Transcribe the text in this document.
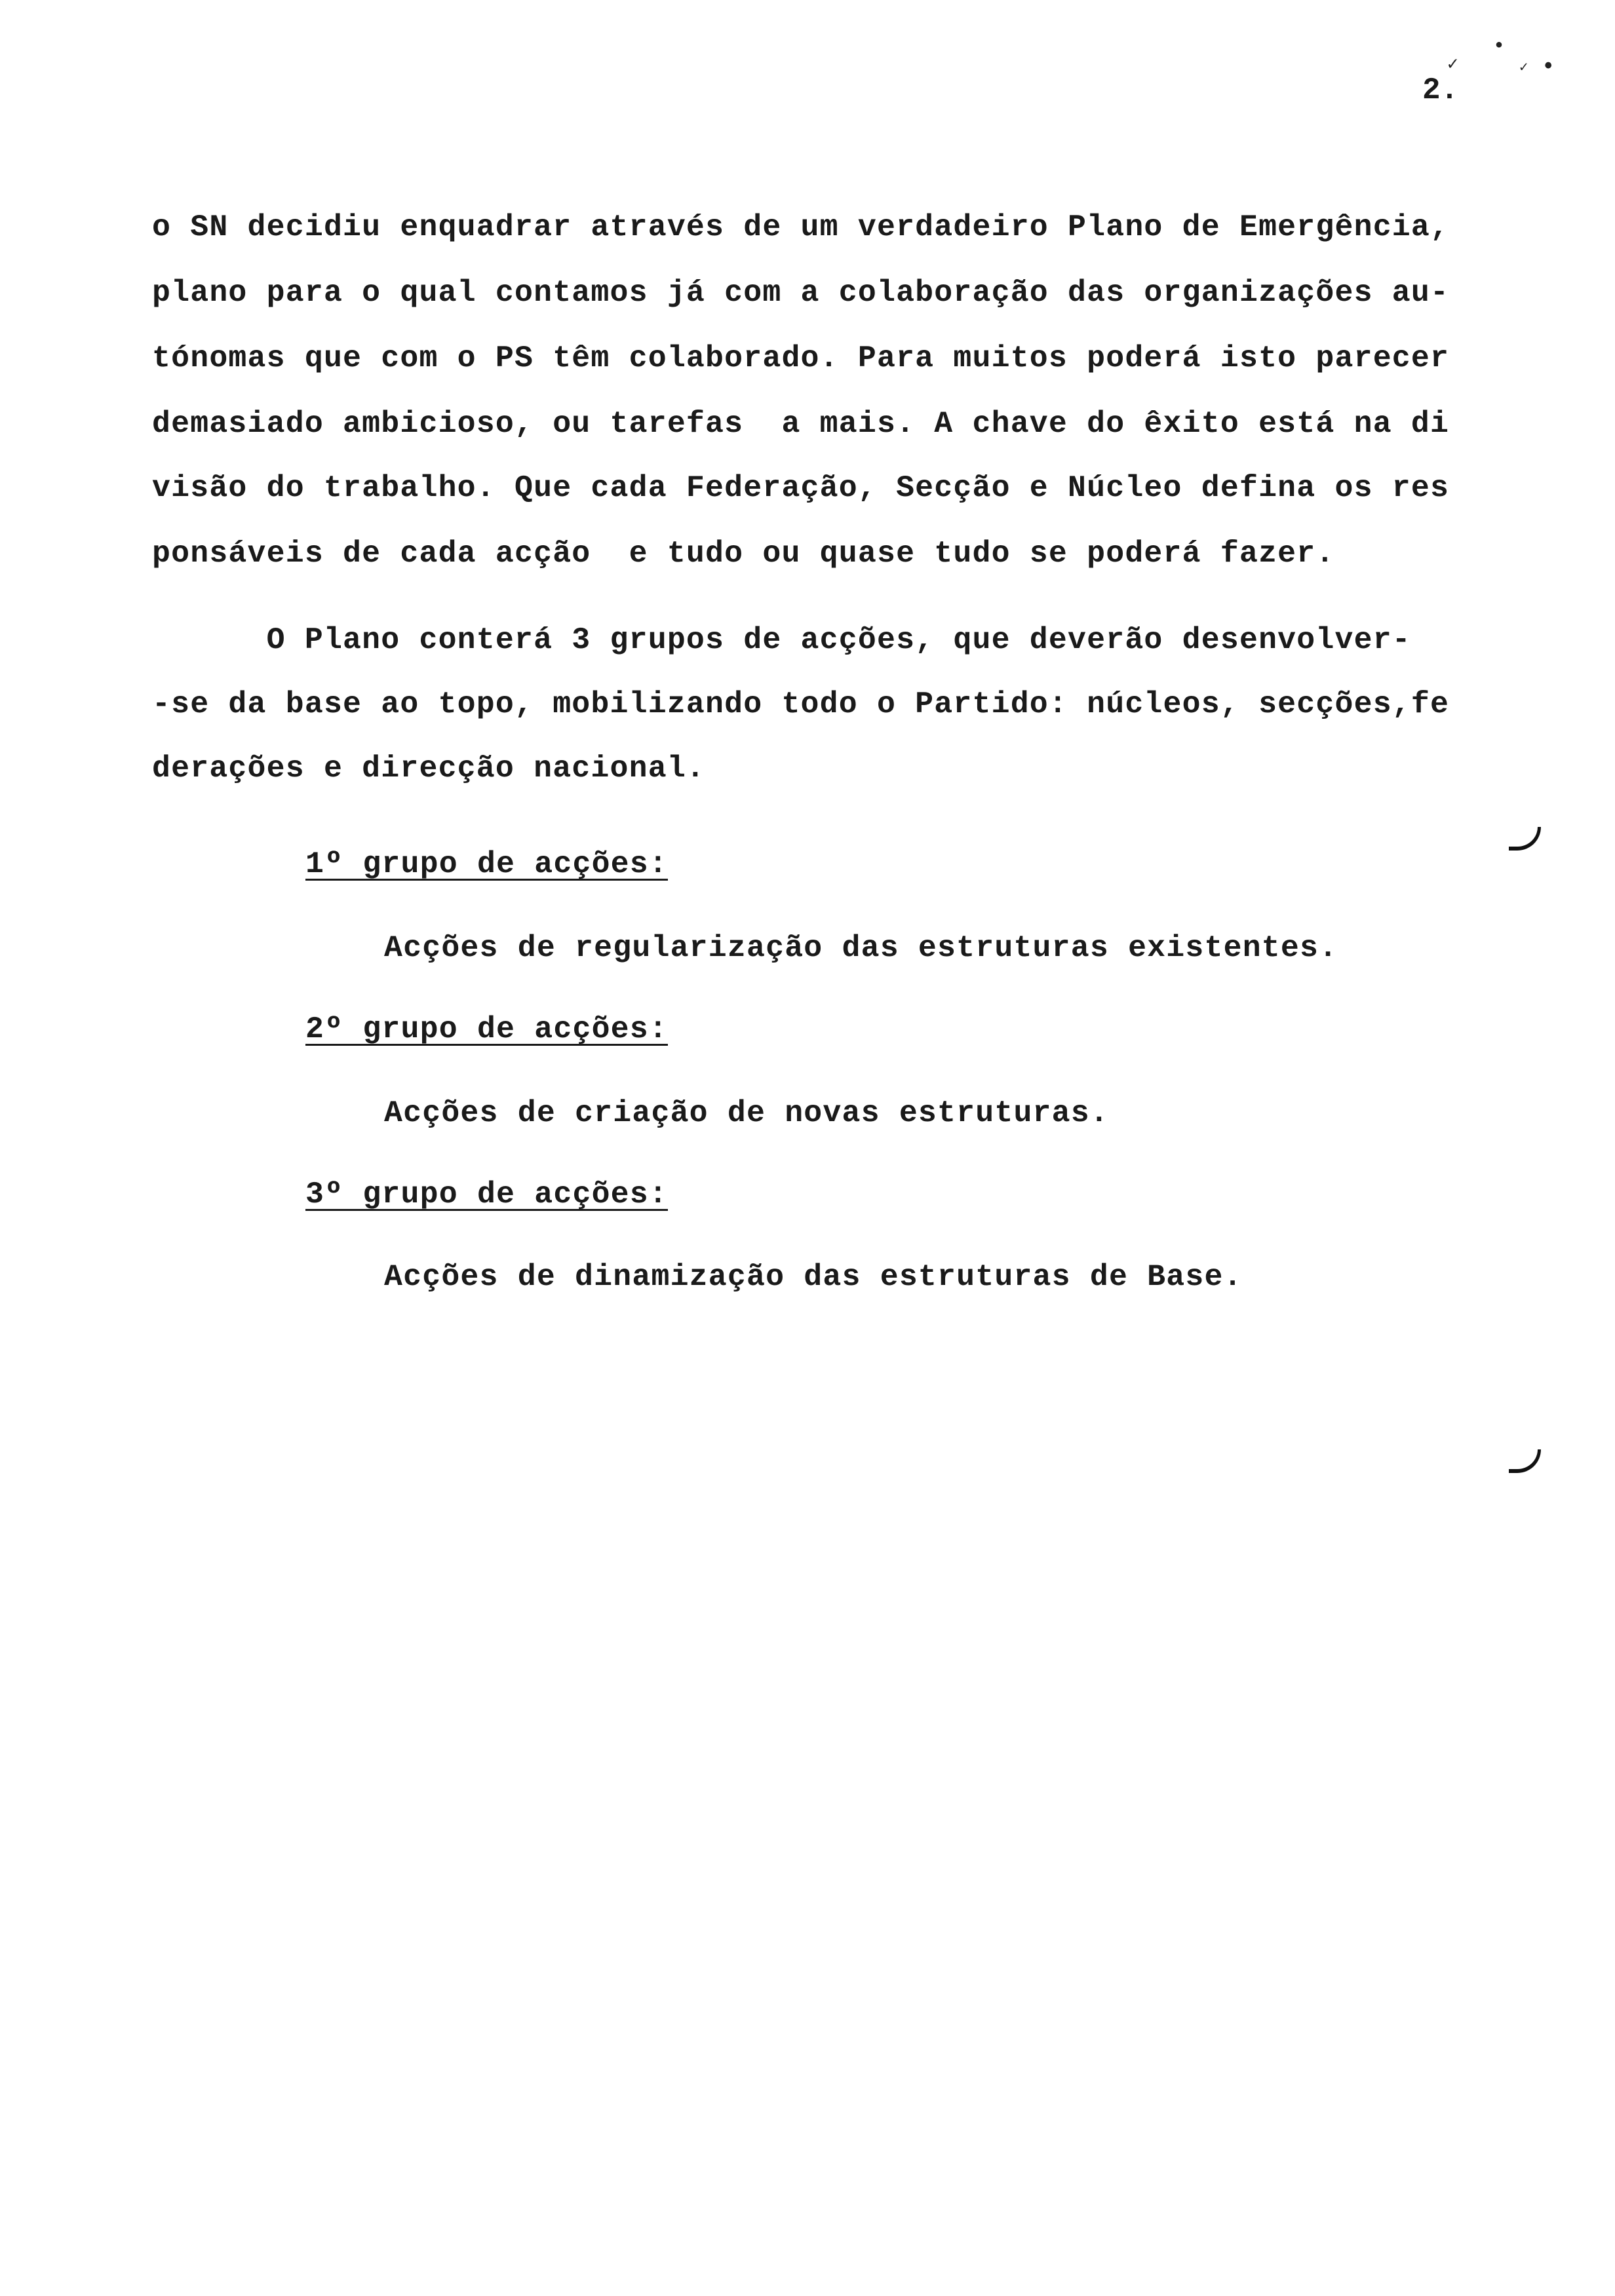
✓
•
✓ •
2.
o SN decidiu enquadrar através de um verdadeiro Plano de Emergência,
plano para o qual contamos já com a colaboração das organizações au-
tónomas que com o PS têm colaborado. Para muitos poderá isto parecer
demasiado ambicioso, ou tarefas  a mais. A chave do êxito está na di
visão do trabalho. Que cada Federação, Secção e Núcleo defina os res
ponsáveis de cada acção  e tudo ou quase tudo se poderá fazer.
O Plano conterá 3 grupos de acções, que deverão desenvolver-
-se da base ao topo, mobilizando todo o Partido: núcleos, secções,fe
derações e direcção nacional.
1º grupo de acções:
Acções de regularização das estruturas existentes.
2º grupo de acções:
Acções de criação de novas estruturas.
3º grupo de acções:
Acções de dinamização das estruturas de Base.
